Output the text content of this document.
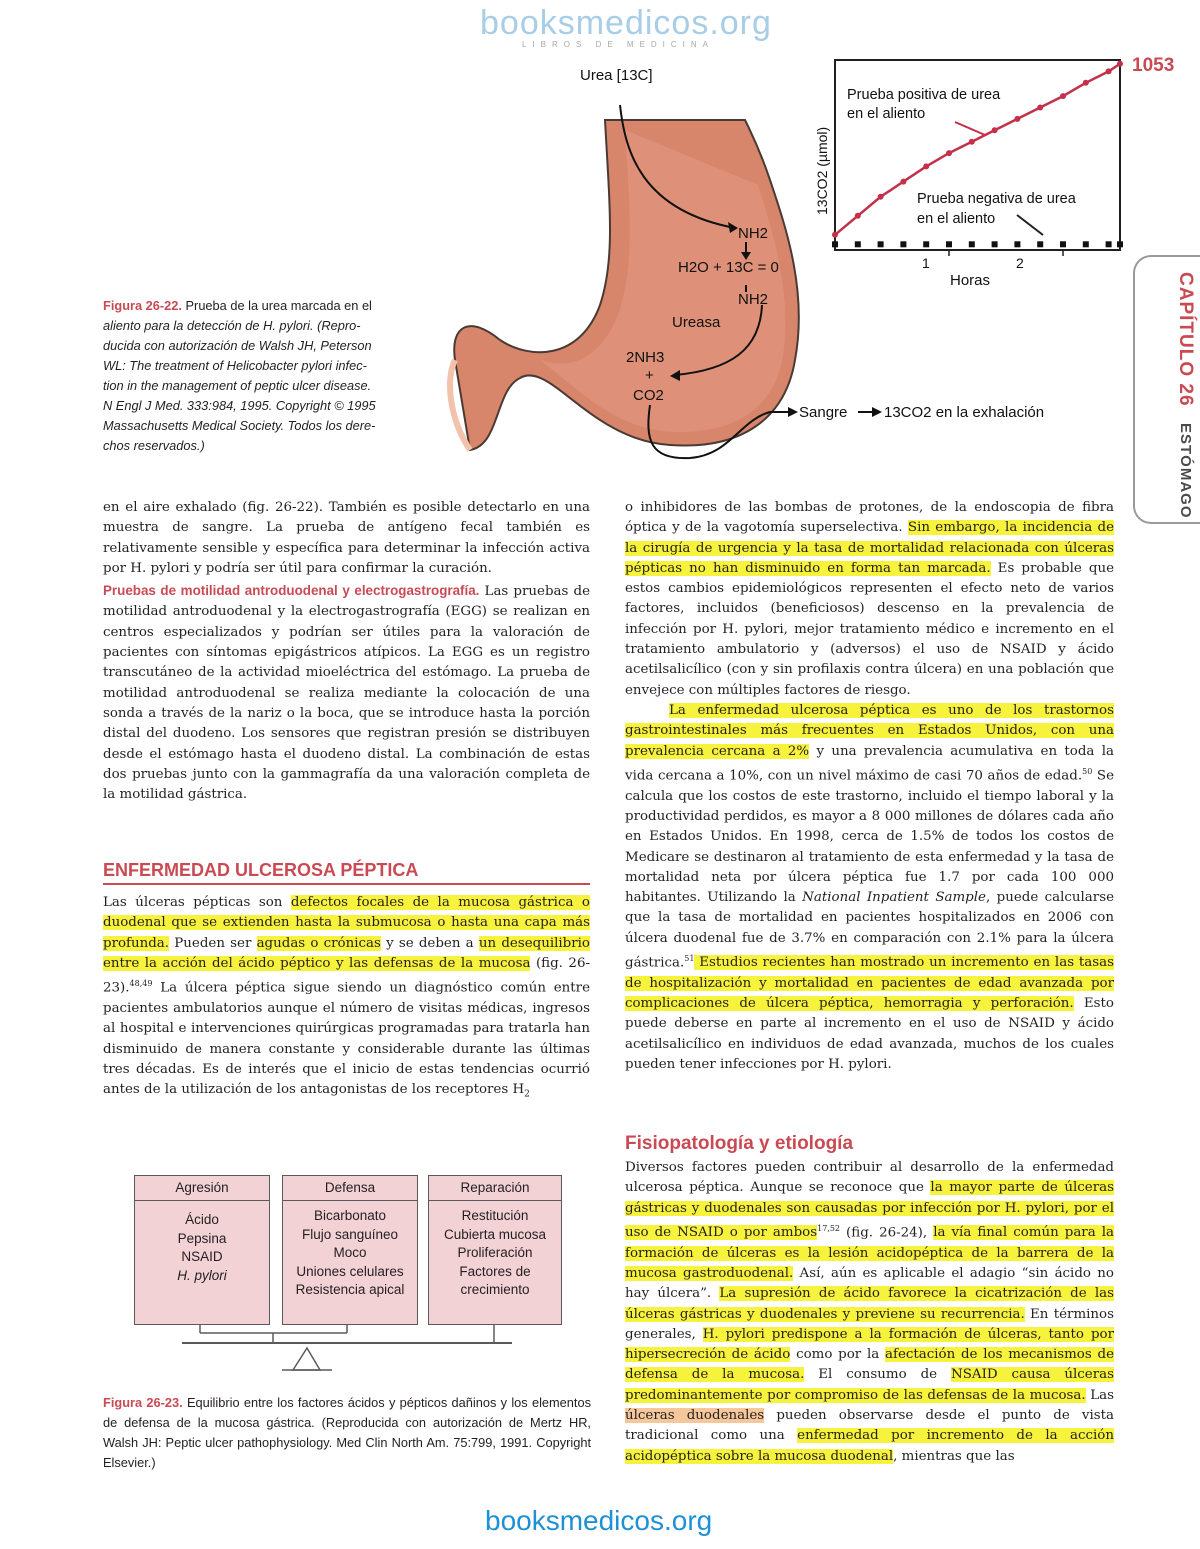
booksmedicos.org
LIBROS DE MEDICINA
1053
CAPÍTULO 26 ESTÓMAGO
Urea [13C]
NH2
H2O + 13C = 0
NH2
Ureasa
2NH3
+
CO2
Sangre 13CO2 en la exhalación
13CO2 (µmol)
Horas
1	2
Prueba positiva de urea
en el aliento
Prueba negativa de urea
en el aliento
Figura 26-22. Prueba de la urea marcada en el
aliento para la detección de H. pylori. (Repro-
ducida con autorización de Walsh JH, Peterson
WL: The treatment of Helicobacter pylori infec-
tion in the management of peptic ulcer disease.
N Engl J Med. 333:984, 1995. Copyright © 1995
Massachusetts Medical Society. Todos los dere-
chos reservados.)

en el aire exhalado (fig. 26-22). También es posible detectarlo en una muestra de sangre. La prueba de antígeno fecal también es relativamente sensible y específica para determinar la infección activa por H. pylori y podría ser útil para confirmar la curación.

Pruebas de motilidad antroduodenal y electrogastrografía. Las pruebas de motilidad antroduodenal y la electrogastrografía (EGG) se realizan en centros especializados y podrían ser útiles para la valoración de pacientes con síntomas epigástricos atípicos. La EGG es un registro transcutáneo de la actividad mioeléctrica del estómago. La prueba de motilidad antroduodenal se realiza mediante la colocación de una sonda a través de la nariz o la boca, que se introduce hasta la porción distal del duodeno. Los sensores que registran presión se distribuyen desde el estómago hasta el duodeno distal. La combinación de estas dos pruebas junto con la gammagrafía da una valoración completa de la motilidad gástrica.

ENFERMEDAD ULCEROSA PÉPTICA

Las úlceras pépticas son defectos focales de la mucosa gástrica o duodenal que se extienden hasta la submucosa o hasta una capa más profunda. Pueden ser agudas o crónicas y se deben a un desequilibrio entre la acción del ácido péptico y las defensas de la mucosa (fig. 26-23).$^{48,49}$ La úlcera péptica sigue siendo un diagnóstico común entre pacientes ambulatorios aunque el número de visitas médicas, ingresos al hospital e intervenciones quirúrgicas programadas para tratarla han disminuido de manera constante y considerable durante las últimas tres décadas. Es de interés que el inicio de estas tendencias ocurrió antes de la utilización de los antagonistas de los receptores $H_2$

Agresión
Ácido
Pepsina
NSAID
H. pylori
Defensa
Bicarbonato
Flujo sanguíneo
Moco
Uniones celulares
Resistencia apical
Reparación
Restitución
Cubierta mucosa
Proliferación
Factores de
crecimiento
Figura 26-23. Equilibrio entre los factores ácidos y pépticos dañinos y los elementos de defensa de la mucosa gástrica. (Reproducida con autorización de Mertz HR, Walsh JH: Peptic ulcer pathophysiology. Med Clin North Am. 75:799, 1991. Copyright Elsevier.)

o inhibidores de las bombas de protones, de la endoscopia de fibra óptica y de la vagotomía superselectiva. Sin embargo, la incidencia de la cirugía de urgencia y la tasa de mortalidad relacionada con úlceras pépticas no han disminuido en forma tan marcada. Es probable que estos cambios epidemiológicos representen el efecto neto de varios factores, incluidos (beneficiosos) descenso en la prevalencia de infección por H. pylori, mejor tratamiento médico e incremento en el tratamiento ambulatorio y (adversos) el uso de NSAID y ácido acetilsalicílico (con y sin profilaxis contra úlcera) en una población que envejece con múltiples factores de riesgo.

La enfermedad ulcerosa péptica es uno de los trastornos gastrointestinales más frecuentes en Estados Unidos, con una prevalencia cercana a 2% y una prevalencia acumulativa en toda la vida cercana a 10%, con un nivel máximo de casi 70 años de edad.$^{50}$ Se calcula que los costos de este trastorno, incluido el tiempo laboral y la productividad perdidos, es mayor a 8 000 millones de dólares cada año en Estados Unidos. En 1998, cerca de 1.5% de todos los costos de Medicare se destinaron al tratamiento de esta enfermedad y la tasa de mortalidad neta por úlcera péptica fue 1.7 por cada 100 000 habitantes. Utilizando la National Inpatient Sample, puede calcularse que la tasa de mortalidad en pacientes hospitalizados en 2006 con úlcera duodenal fue de 3.7% en comparación con 2.1% para la úlcera gástrica.$^{51}$ Estudios recientes han mostrado un incremento en las tasas de hospitalización y mortalidad en pacientes de edad avanzada por complicaciones de úlcera péptica, hemorragia y perforación. Esto puede deberse en parte al incremento en el uso de NSAID y ácido acetilsalicílico en individuos de edad avanzada, muchos de los cuales pueden tener infecciones por H. pylori.

Fisiopatología y etiología

Diversos factores pueden contribuir al desarrollo de la enfermedad ulcerosa péptica. Aunque se reconoce que la mayor parte de úlceras gástricas y duodenales son causadas por infección por H. pylori, por el uso de NSAID o por ambos$^{17,52}$ (fig. 26-24), la vía final común para la formación de úlceras es la lesión acidopéptica de la barrera de la mucosa gastroduodenal. Así, aún es aplicable el adagio “sin ácido no hay úlcera”. La supresión de ácido favorece la cicatrización de las úlceras gástricas y duodenales y previene su recurrencia. En términos generales, H. pylori predispone a la formación de úlceras, tanto por hipersecreción de ácido como por la afectación de los mecanismos de defensa de la mucosa. El consumo de NSAID causa úlceras predominantemente por compromiso de las defensas de la mucosa. Las úlceras duodenales pueden observarse desde el punto de vista tradicional como una enfermedad por incremento de la acción acidopéptica sobre la mucosa duodenal, mientras que las

booksmedicos.org
